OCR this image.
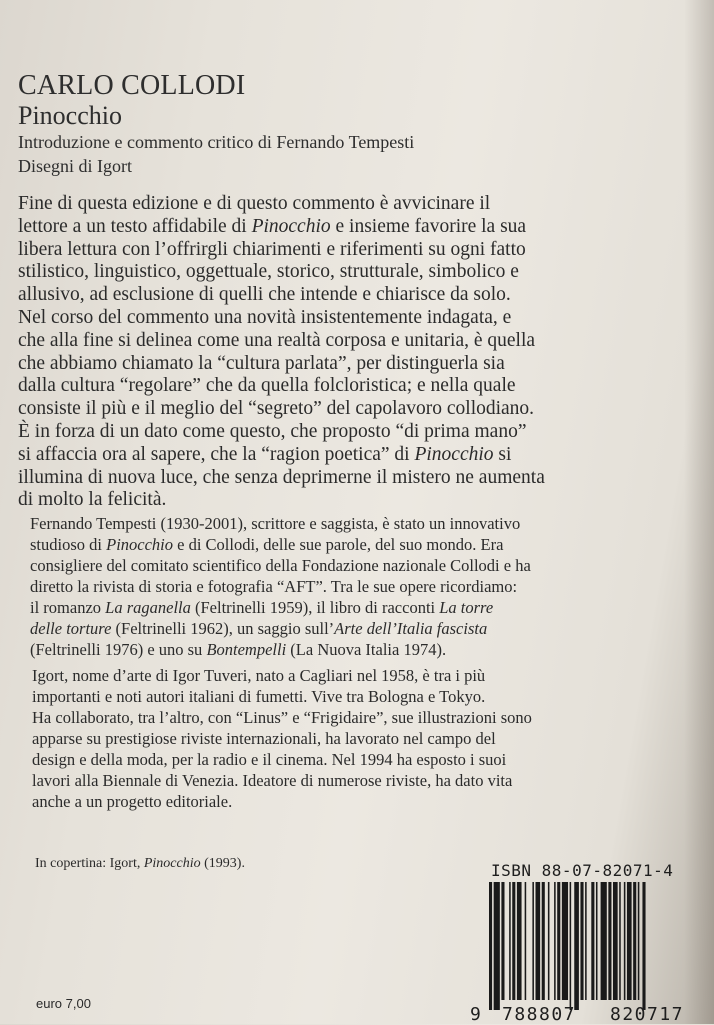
CARLO COLLODI
Pinocchio
Introduzione e commento critico di Fernando Tempesti
Disegni di Igort
Fine di questa edizione e di questo commento è avvicinare il
lettore a un testo affidabile di Pinocchio e insieme favorire la sua
libera lettura con l’offrirgli chiarimenti e riferimenti su ogni fatto
stilistico, linguistico, oggettuale, storico, strutturale, simbolico e
allusivo, ad esclusione di quelli che intende e chiarisce da solo.
Nel corso del commento una novità insistentemente indagata, e
che alla fine si delinea come una realtà corposa e unitaria, è quella
che abbiamo chiamato la “cultura parlata”, per distinguerla sia
dalla cultura “regolare” che da quella folcloristica; e nella quale
consiste il più e il meglio del “segreto” del capolavoro collodiano.
È in forza di un dato come questo, che proposto “di prima mano”
si affaccia ora al sapere, che la “ragion poetica” di Pinocchio si
illumina di nuova luce, che senza deprimerne il mistero ne aumenta
di molto la felicità.
Fernando Tempesti (1930-2001), scrittore e saggista, è stato un innovativo
studioso di Pinocchio e di Collodi, delle sue parole, del suo mondo. Era
consigliere del comitato scientifico della Fondazione nazionale Collodi e ha
diretto la rivista di storia e fotografia “AFT”. Tra le sue opere ricordiamo:
il romanzo La raganella (Feltrinelli 1959), il libro di racconti La torre
delle torture (Feltrinelli 1962), un saggio sull’Arte dell’Italia fascista
(Feltrinelli 1976) e uno su Bontempelli (La Nuova Italia 1974).
Igort, nome d’arte di Igor Tuveri, nato a Cagliari nel 1958, è tra i più
importanti e noti autori italiani di fumetti. Vive tra Bologna e Tokyo.
Ha collaborato, tra l’altro, con “Linus” e “Frigidaire”, sue illustrazioni sono
apparse su prestigiose riviste internazionali, ha lavorato nel campo del
design e della moda, per la radio e il cinema. Nel 1994 ha esposto i suoi
lavori alla Biennale di Venezia. Ideatore di numerose riviste, ha dato vita
anche a un progetto editoriale.
In copertina: Igort, Pinocchio (1993).	ISBN 88-07-82071-4
9 788807 820717
euro 7,00
